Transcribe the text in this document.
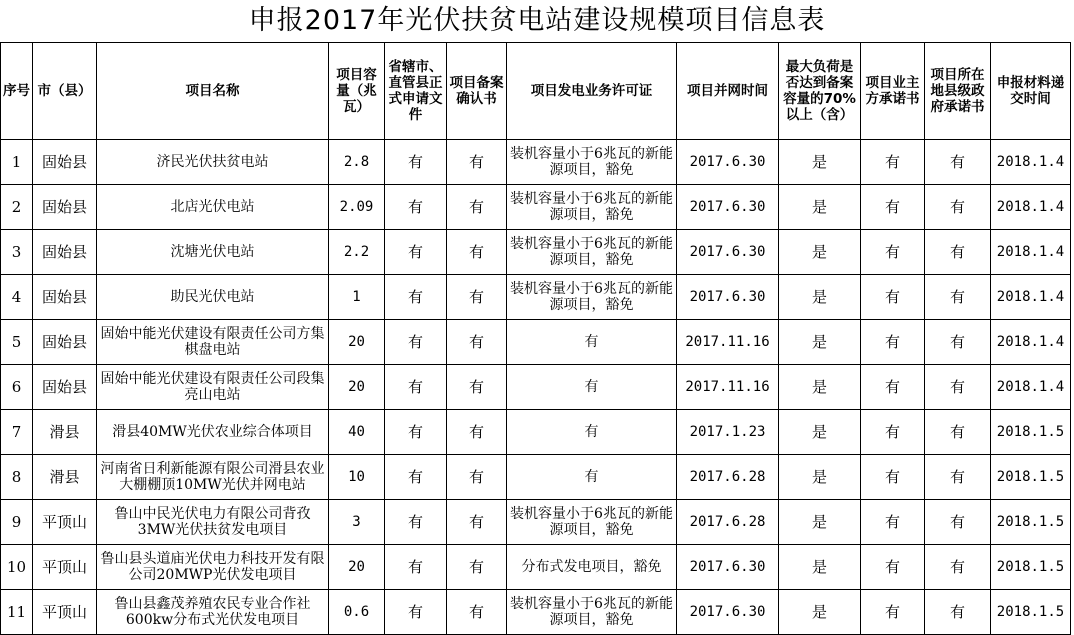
申报2017年光伏扶贫电站建设规模项目信息表
序号	市（县）	项目名称	项目容量（兆瓦）	省辖市、直管县正式申请文件	项目备案确认书	项目发电业务许可证	项目并网时间	最大负荷是否达到备案容量的70%以上（含）	项目业主方承诺书	项目所在地县级政府承诺书	申报材料递交时间
1	固始县	济民光伏扶贫电站	2.8	有	有	装机容量小于6兆瓦的新能源项目，豁免	2017.6.30	是	有	有	2018.1.4
2	固始县	北店光伏电站	2.09	有	有	装机容量小于6兆瓦的新能源项目，豁免	2017.6.30	是	有	有	2018.1.4
3	固始县	沈塘光伏电站	2.2	有	有	装机容量小于6兆瓦的新能源项目，豁免	2017.6.30	是	有	有	2018.1.4
4	固始县	助民光伏电站	1	有	有	装机容量小于6兆瓦的新能源项目，豁免	2017.6.30	是	有	有	2018.1.4
5	固始县	固始中能光伏建设有限责任公司方集棋盘电站	20	有	有	有	2017.11.16	是	有	有	2018.1.4
6	固始县	固始中能光伏建设有限责任公司段集亮山电站	20	有	有	有	2017.11.16	是	有	有	2018.1.4
7	滑县	滑县40MW光伏农业综合体项目	40	有	有	有	2017.1.23	是	有	有	2018.1.5
8	滑县	河南省日利新能源有限公司滑县农业大棚棚顶10MW光伏并网电站	10	有	有	有	2017.6.28	是	有	有	2018.1.5
9	平顶山	鲁山中民光伏电力有限公司背孜3MW光伏扶贫发电项目	3	有	有	装机容量小于6兆瓦的新能源项目，豁免	2017.6.28	是	有	有	2018.1.5
10	平顶山	鲁山县头道庙光伏电力科技开发有限公司20MWP光伏发电项目	20	有	有	分布式发电项目，豁免	2017.6.30	是	有	有	2018.1.5
11	平顶山	鲁山县鑫茂养殖农民专业合作社600kw分布式光伏发电项目	0.6	有	有	装机容量小于6兆瓦的新能源项目，豁免	2017.6.30	是	有	有	2018.1.5
